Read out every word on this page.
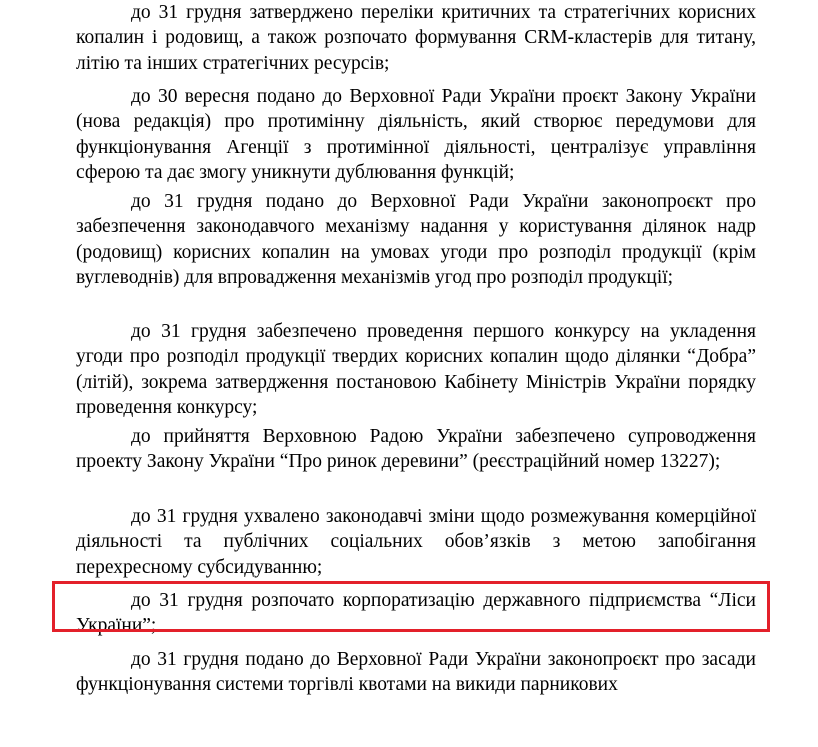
до 31 грудня затверджено переліки критичних та стратегічних корисних копалин і родовищ, а також розпочато формування CRM-кластерів для титану, літію та інших стратегічних ресурсів;

до 30 вересня подано до Верховної Ради України проєкт Закону України (нова редакція) про протимінну діяльність, який створює передумови для функціонування Агенції з протимінної діяльності, централізує управління сферою та дає змогу уникнути дублювання функцій;

до 31 грудня подано до Верховної Ради України законопроєкт про забезпечення законодавчого механізму надання у користування ділянок надр (родовищ) корисних копалин на умовах угоди про розподіл продукції (крім вуглеводнів) для впровадження механізмів угод про розподіл продукції;

до 31 грудня забезпечено проведення першого конкурсу на укладення угоди про розподіл продукції твердих корисних копалин щодо ділянки “Добра” (літій), зокрема затвердження постановою Кабінету Міністрів України порядку проведення конкурсу;

до прийняття Верховною Радою України забезпечено супроводження проекту Закону України “Про ринок деревини” (реєстраційний номер 13227);

до 31 грудня ухвалено законодавчі зміни щодо розмежування комерційної діяльності та публічних соціальних обов’язків з метою запобігання перехресному субсидуванню;

до 31 грудня розпочато корпоратизацію державного підприємства “Ліси України”;

до 31 грудня подано до Верховної Ради України законопроєкт про засади функціонування системи торгівлі квотами на викиди парникових
